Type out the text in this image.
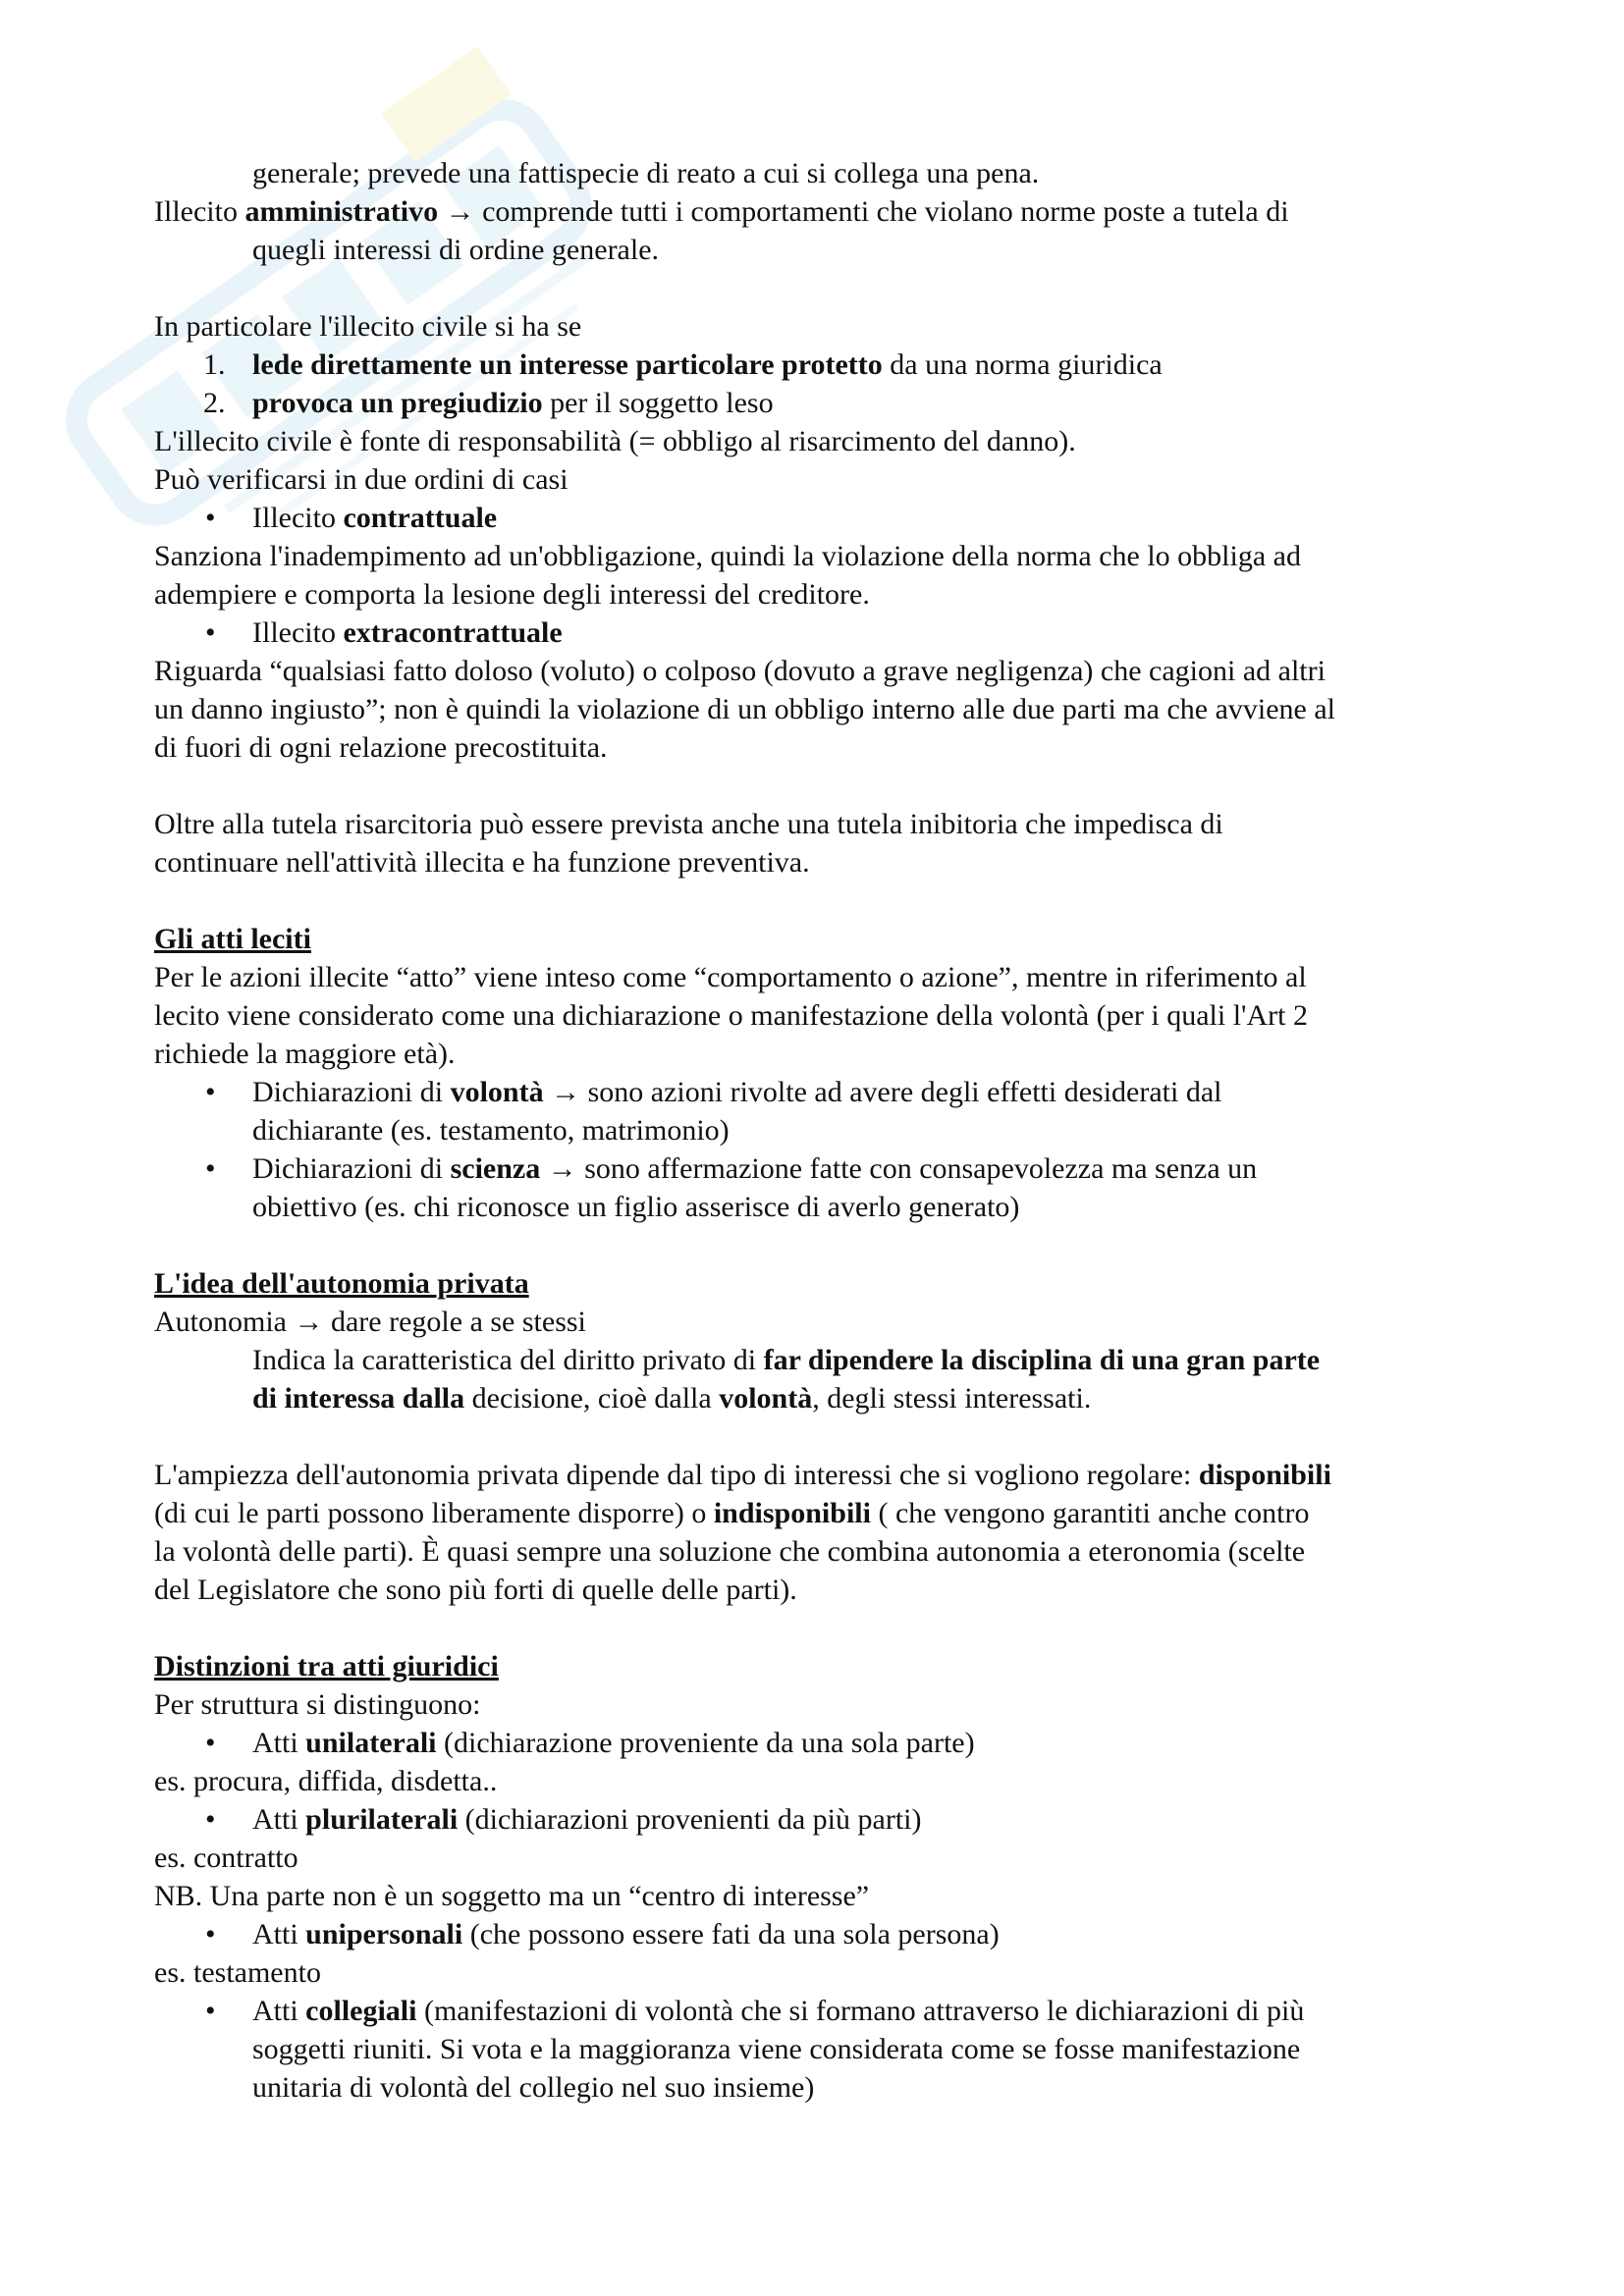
generale; prevede una fattispecie di reato a cui si collega una pena.

Illecito amministrativo → comprende tutti i comportamenti che violano norme poste a tutela di

quegli interessi di ordine generale.

In particolare l'illecito civile si ha se

1. lede direttamente un interesse particolare protetto da una norma giuridica

2. provoca un pregiudizio per il soggetto leso

L'illecito civile è fonte di responsabilità (= obbligo al risarcimento del danno).

Può verificarsi in due ordini di casi

• Illecito contrattuale

Sanziona l'inadempimento ad un'obbligazione, quindi la violazione della norma che lo obbliga ad

adempiere e comporta la lesione degli interessi del creditore.

• Illecito extracontrattuale

Riguarda “qualsiasi fatto doloso (voluto) o colposo (dovuto a grave negligenza) che cagioni ad altri

un danno ingiusto”; non è quindi la violazione di un obbligo interno alle due parti ma che avviene al

di fuori di ogni relazione precostituita.

Oltre alla tutela risarcitoria può essere prevista anche una tutela inibitoria che impedisca di

continuare nell'attività illecita e ha funzione preventiva.

Gli atti leciti

Per le azioni illecite “atto” viene inteso come “comportamento o azione”, mentre in riferimento al

lecito viene considerato come una dichiarazione o manifestazione della volontà (per i quali l'Art 2

richiede la maggiore età).

• Dichiarazioni di volontà → sono azioni rivolte ad avere degli effetti desiderati dal

dichiarante (es. testamento, matrimonio)

• Dichiarazioni di scienza → sono affermazione fatte con consapevolezza ma senza un

obiettivo (es. chi riconosce un figlio asserisce di averlo generato)

L'idea dell'autonomia privata

Autonomia → dare regole a se stessi

Indica la caratteristica del diritto privato di far dipendere la disciplina di una gran parte

di interessa dalla decisione, cioè dalla volontà, degli stessi interessati.

L'ampiezza dell'autonomia privata dipende dal tipo di interessi che si vogliono regolare: disponibili

(di cui le parti possono liberamente disporre) o indisponibili ( che vengono garantiti anche contro

la volontà delle parti). È quasi sempre una soluzione che combina autonomia a eteronomia (scelte

del Legislatore che sono più forti di quelle delle parti).

Distinzioni tra atti giuridici

Per struttura si distinguono:

• Atti unilaterali (dichiarazione proveniente da una sola parte)

es. procura, diffida, disdetta..

• Atti plurilaterali (dichiarazioni provenienti da più parti)

es. contratto

NB. Una parte non è un soggetto ma un “centro di interesse”

• Atti unipersonali (che possono essere fati da una sola persona)

es. testamento

• Atti collegiali (manifestazioni di volontà che si formano attraverso le dichiarazioni di più

soggetti riuniti. Si vota e la maggioranza viene considerata come se fosse manifestazione

unitaria di volontà del collegio nel suo insieme)
